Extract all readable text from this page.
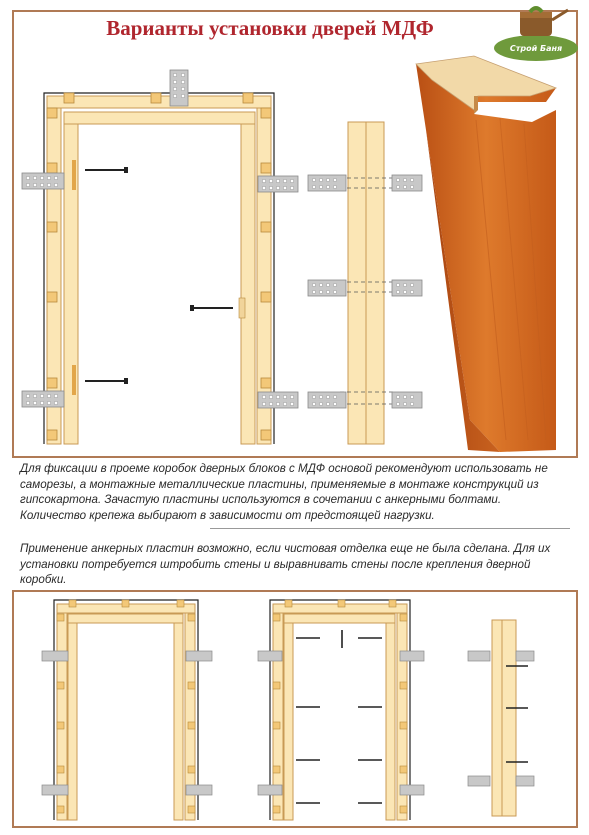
Варианты установки дверей МДФ
Строй Баня

Для фиксации в проеме коробок дверных блоков с МДФ основой рекомендуют использовать не саморезы, а монтажные металлические пластины, применяемые в монтаже конструкций из гипсокартона. Зачастую пластины используются в сочетании с анкерными болтами. Количество крепежа выбирают в зависимости от предстоящей нагрузки.

Применение анкерных пластин возможно, если чистовая отделка еще не была сделана. Для их установки потребуется штробить стены и выравнивать стены после крепления дверной коробки.
